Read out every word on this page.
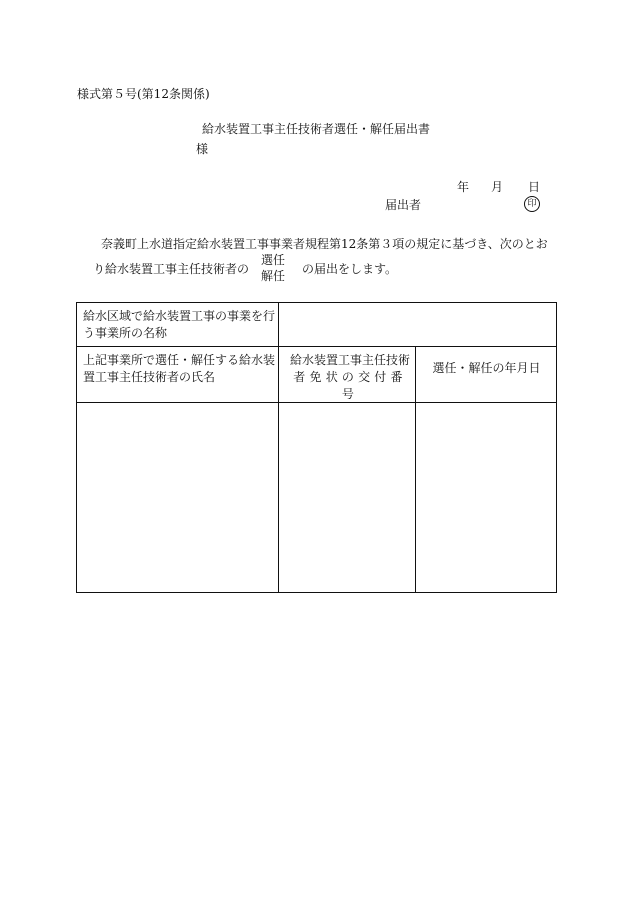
様式第５号(第12条関係)
給水装置工事主任技術者選任・解任届出書
様
年 月 日
届出者	印
奈義町上水道指定給水装置工事事業者規程第12条第３項の規定に基づき、次のとお
り給水装置工事主任技術者の
選任
解任 の届出をします。
給水区域で給水装置工事の事業を行う事業所の名称
上記事業所で選任・解任する給水装置工事主任技術者の氏名
給水装置工事主任技術
者免状の交付番号
選任・解任の年月日
